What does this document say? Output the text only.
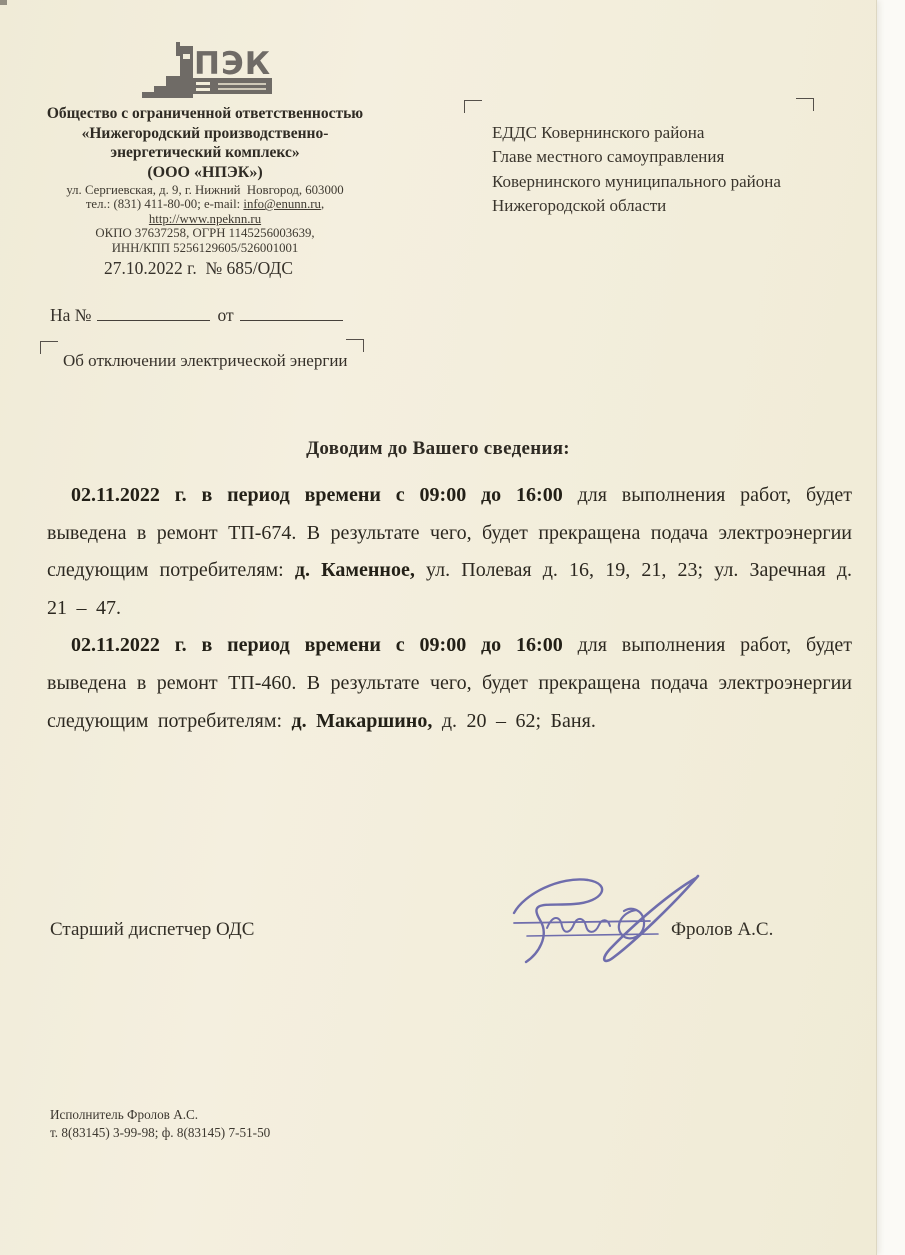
ПЭК
Общество с ограниченной ответственностью
«Нижегородский производственно-
энергетический комплекс»
(ООО «НПЭК»)
ул. Сергиевская, д. 9, г. Нижний  Новгород, 603000
тел.: (831) 411-80-00; e-mail: info@enunn.ru,
http://www.npeknn.ru
ОКПО 37637258, ОГРН 1145256003639,
ИНН/КПП 5256129605/526001001
ЕДДС Ковернинского района
Главе местного самоуправления
Ковернинского муниципального района
Нижегородской области
27.10.2022 г.  № 685/ОДС
На №	от
Об отключении электрической энергии
Доводим до Вашего сведения:

02.11.2022 г. в период времени с 09:00 до 16:00 для выполнения работ, будет выведена в ремонт ТП-674. В результате чего, будет прекращена подача электроэнергии следующим потребителям: д. Каменное, ул. Полевая д. 16, 19, 21, 23; ул. Заречная д. 21 – 47.

02.11.2022 г. в период времени с 09:00 до 16:00 для выполнения работ, будет выведена в ремонт ТП-460. В результате чего, будет прекращена подача электроэнергии следующим потребителям: д. Макаршино, д. 20 – 62; Баня.

Старший диспетчер ОДС	Фролов А.С.
Исполнитель Фролов А.С.
т. 8(83145) 3-99-98; ф. 8(83145) 7-51-50
